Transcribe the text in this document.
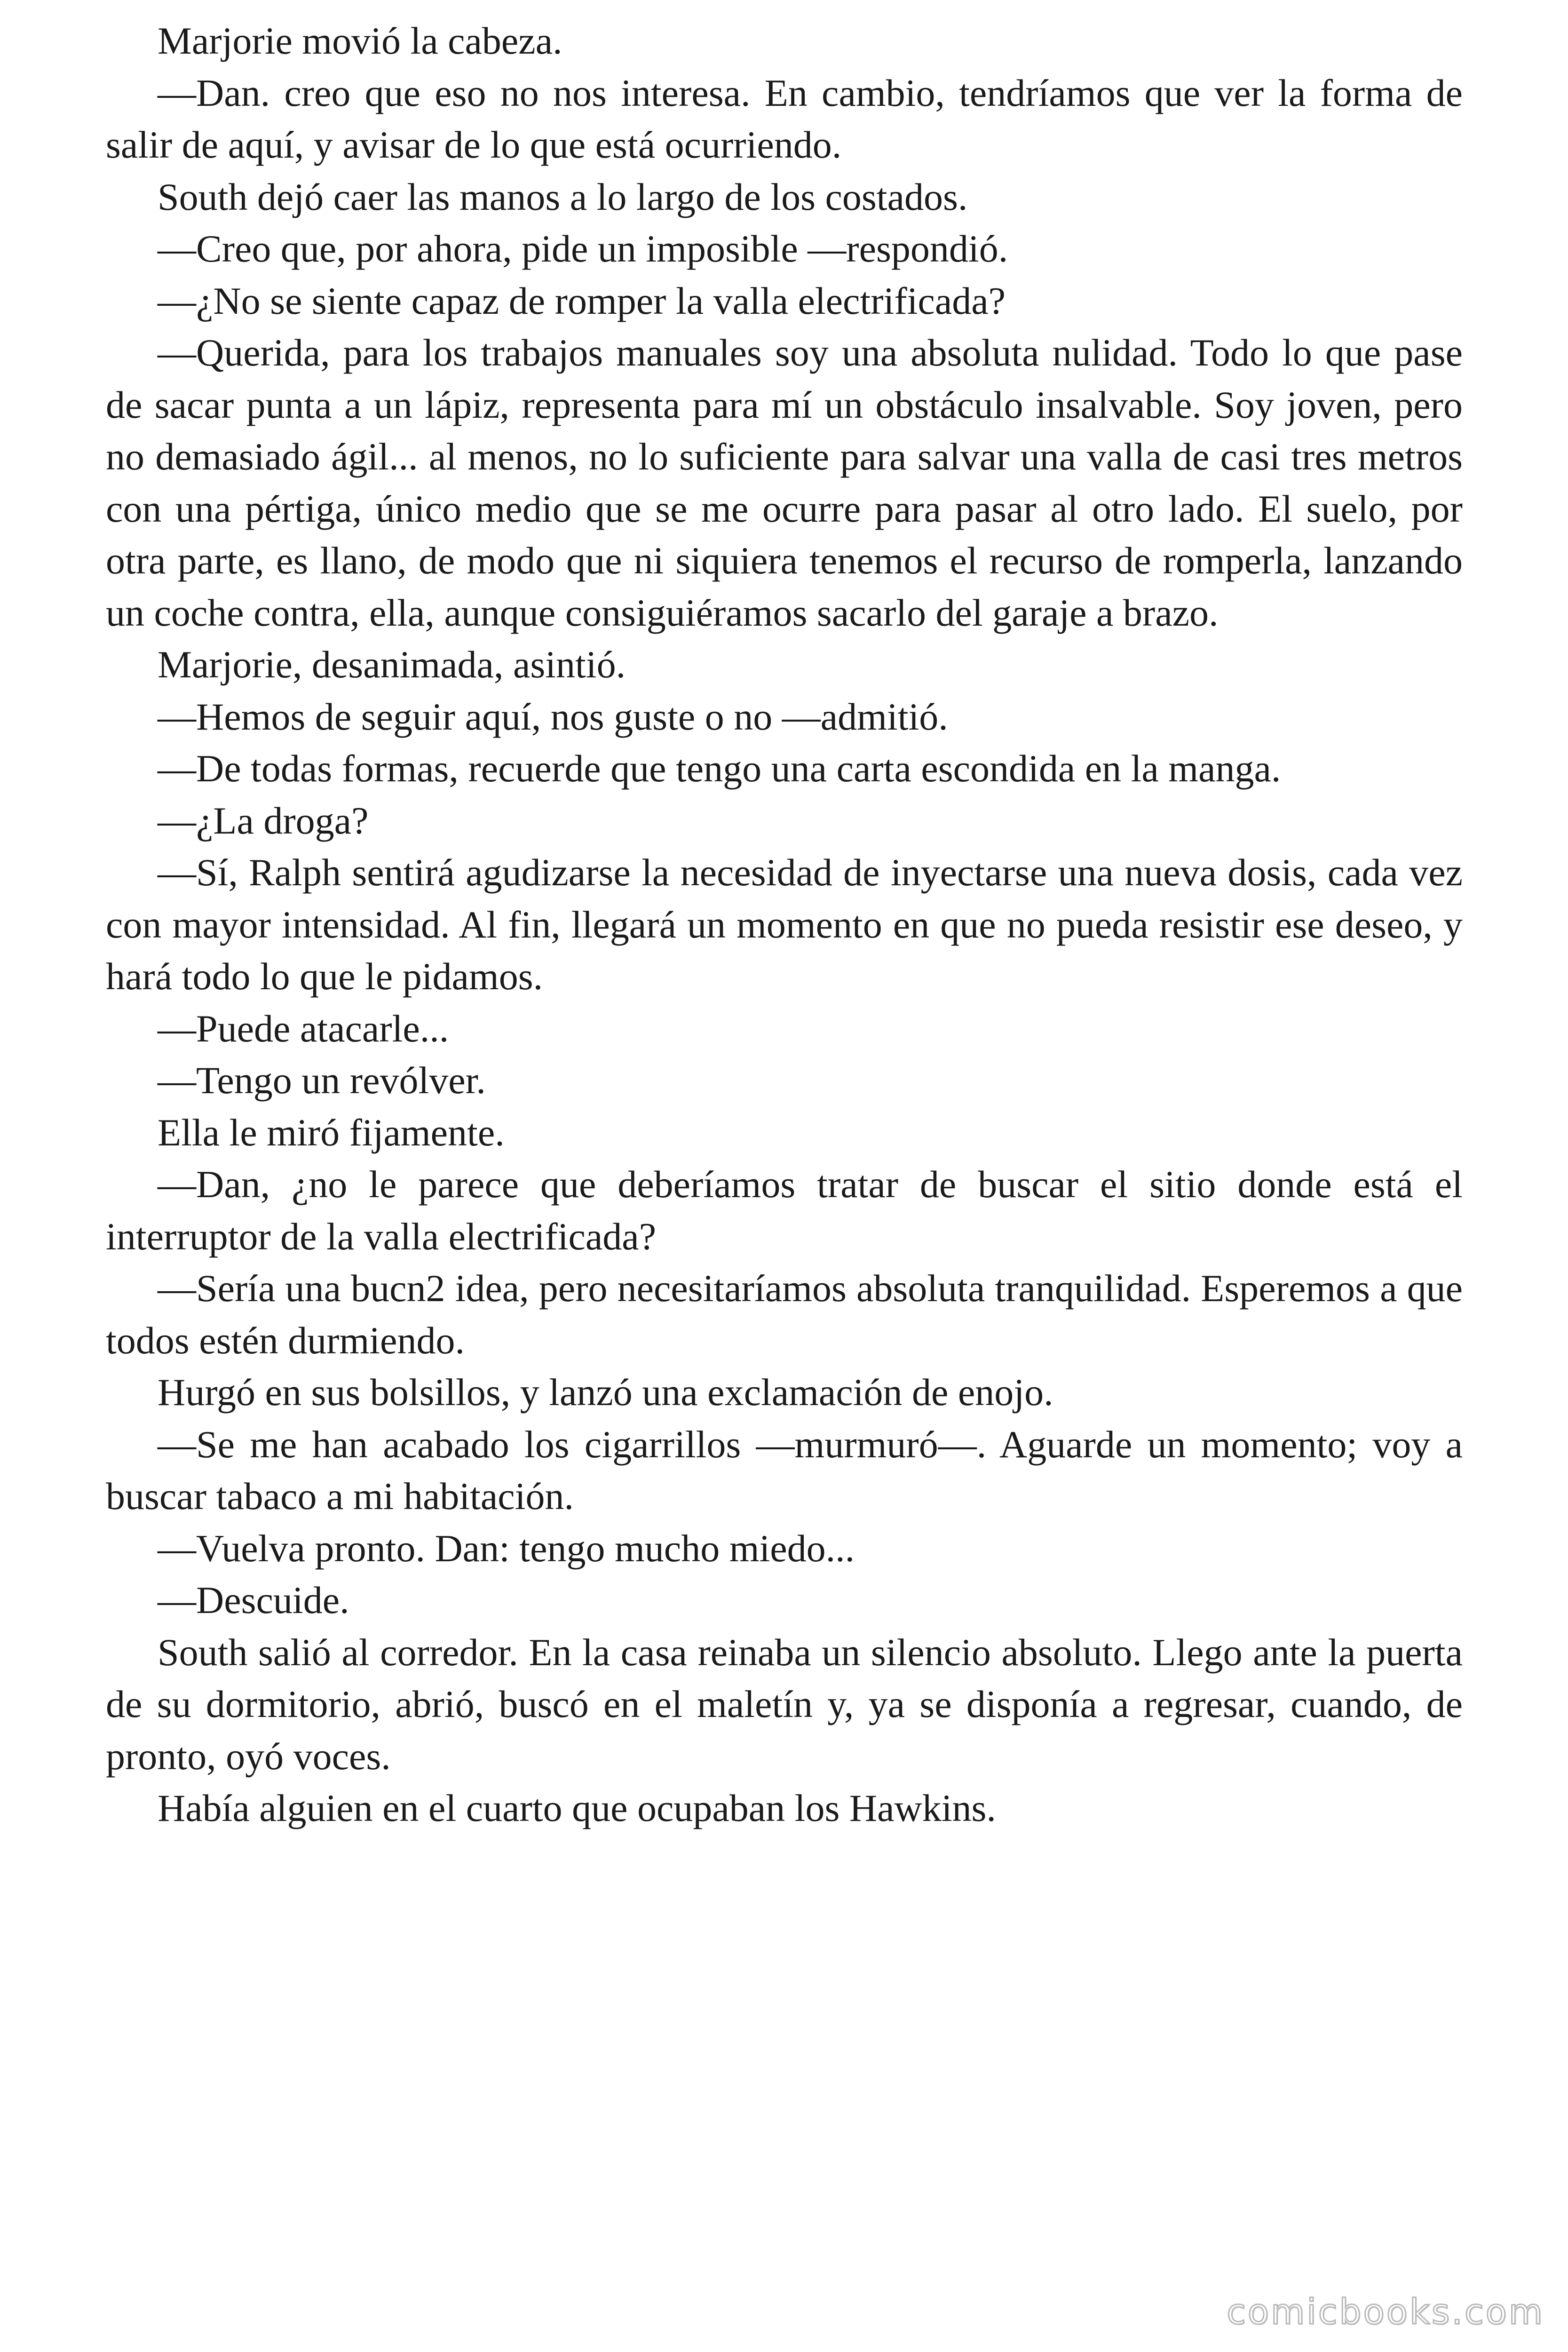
Marjorie movió la cabeza.

—Dan. creo que eso no nos interesa. En cambio, tendríamos que ver la forma de salir de aquí, y avisar de lo que está ocurriendo.

South dejó caer las manos a lo largo de los costados.

—Creo que, por ahora, pide un imposible —respondió.

—¿No se siente capaz de romper la valla electrificada?

—Querida, para los trabajos manuales soy una absoluta nulidad. Todo lo que pase de sacar punta a un lápiz, representa para mí un obstáculo insalvable. Soy joven, pero no demasiado ágil... al menos, no lo suficiente para salvar una valla de casi tres metros con una pértiga, único medio que se me ocurre para pasar al otro lado. El suelo, por otra parte, es llano, de modo que ni siquiera tenemos el recurso de romperla, lanzando un coche contra, ella, aunque consiguiéramos sacarlo del garaje a brazo.

Marjorie, desanimada, asintió.

—Hemos de seguir aquí, nos guste o no —admitió.

—De todas formas, recuerde que tengo una carta escondida en la manga.

—¿La droga?

—Sí, Ralph sentirá agudizarse la necesidad de inyectarse una nueva dosis, cada vez con mayor intensidad. Al fin, llegará un momento en que no pueda resistir ese deseo, y hará todo lo que le pidamos.

—Puede atacarle...

—Tengo un revólver.

Ella le miró fijamente.

—Dan, ¿no le parece que deberíamos tratar de buscar el sitio donde está el interruptor de la valla electrificada?

—Sería una bucn2 idea, pero necesitaríamos absoluta tranquilidad. Esperemos a que todos estén durmiendo.

Hurgó en sus bolsillos, y lanzó una exclamación de enojo.

—Se me han acabado los cigarrillos —murmuró—. Aguarde un momento; voy a buscar tabaco a mi habitación.

—Vuelva pronto. Dan: tengo mucho miedo...

—Descuide.

South salió al corredor. En la casa reinaba un silencio absoluto. Llego ante la puerta de su dormitorio, abrió, buscó en el maletín y, ya se disponía a regresar, cuando, de pronto, oyó voces.

Había alguien en el cuarto que ocupaban los Hawkins.

comicbooks.com
